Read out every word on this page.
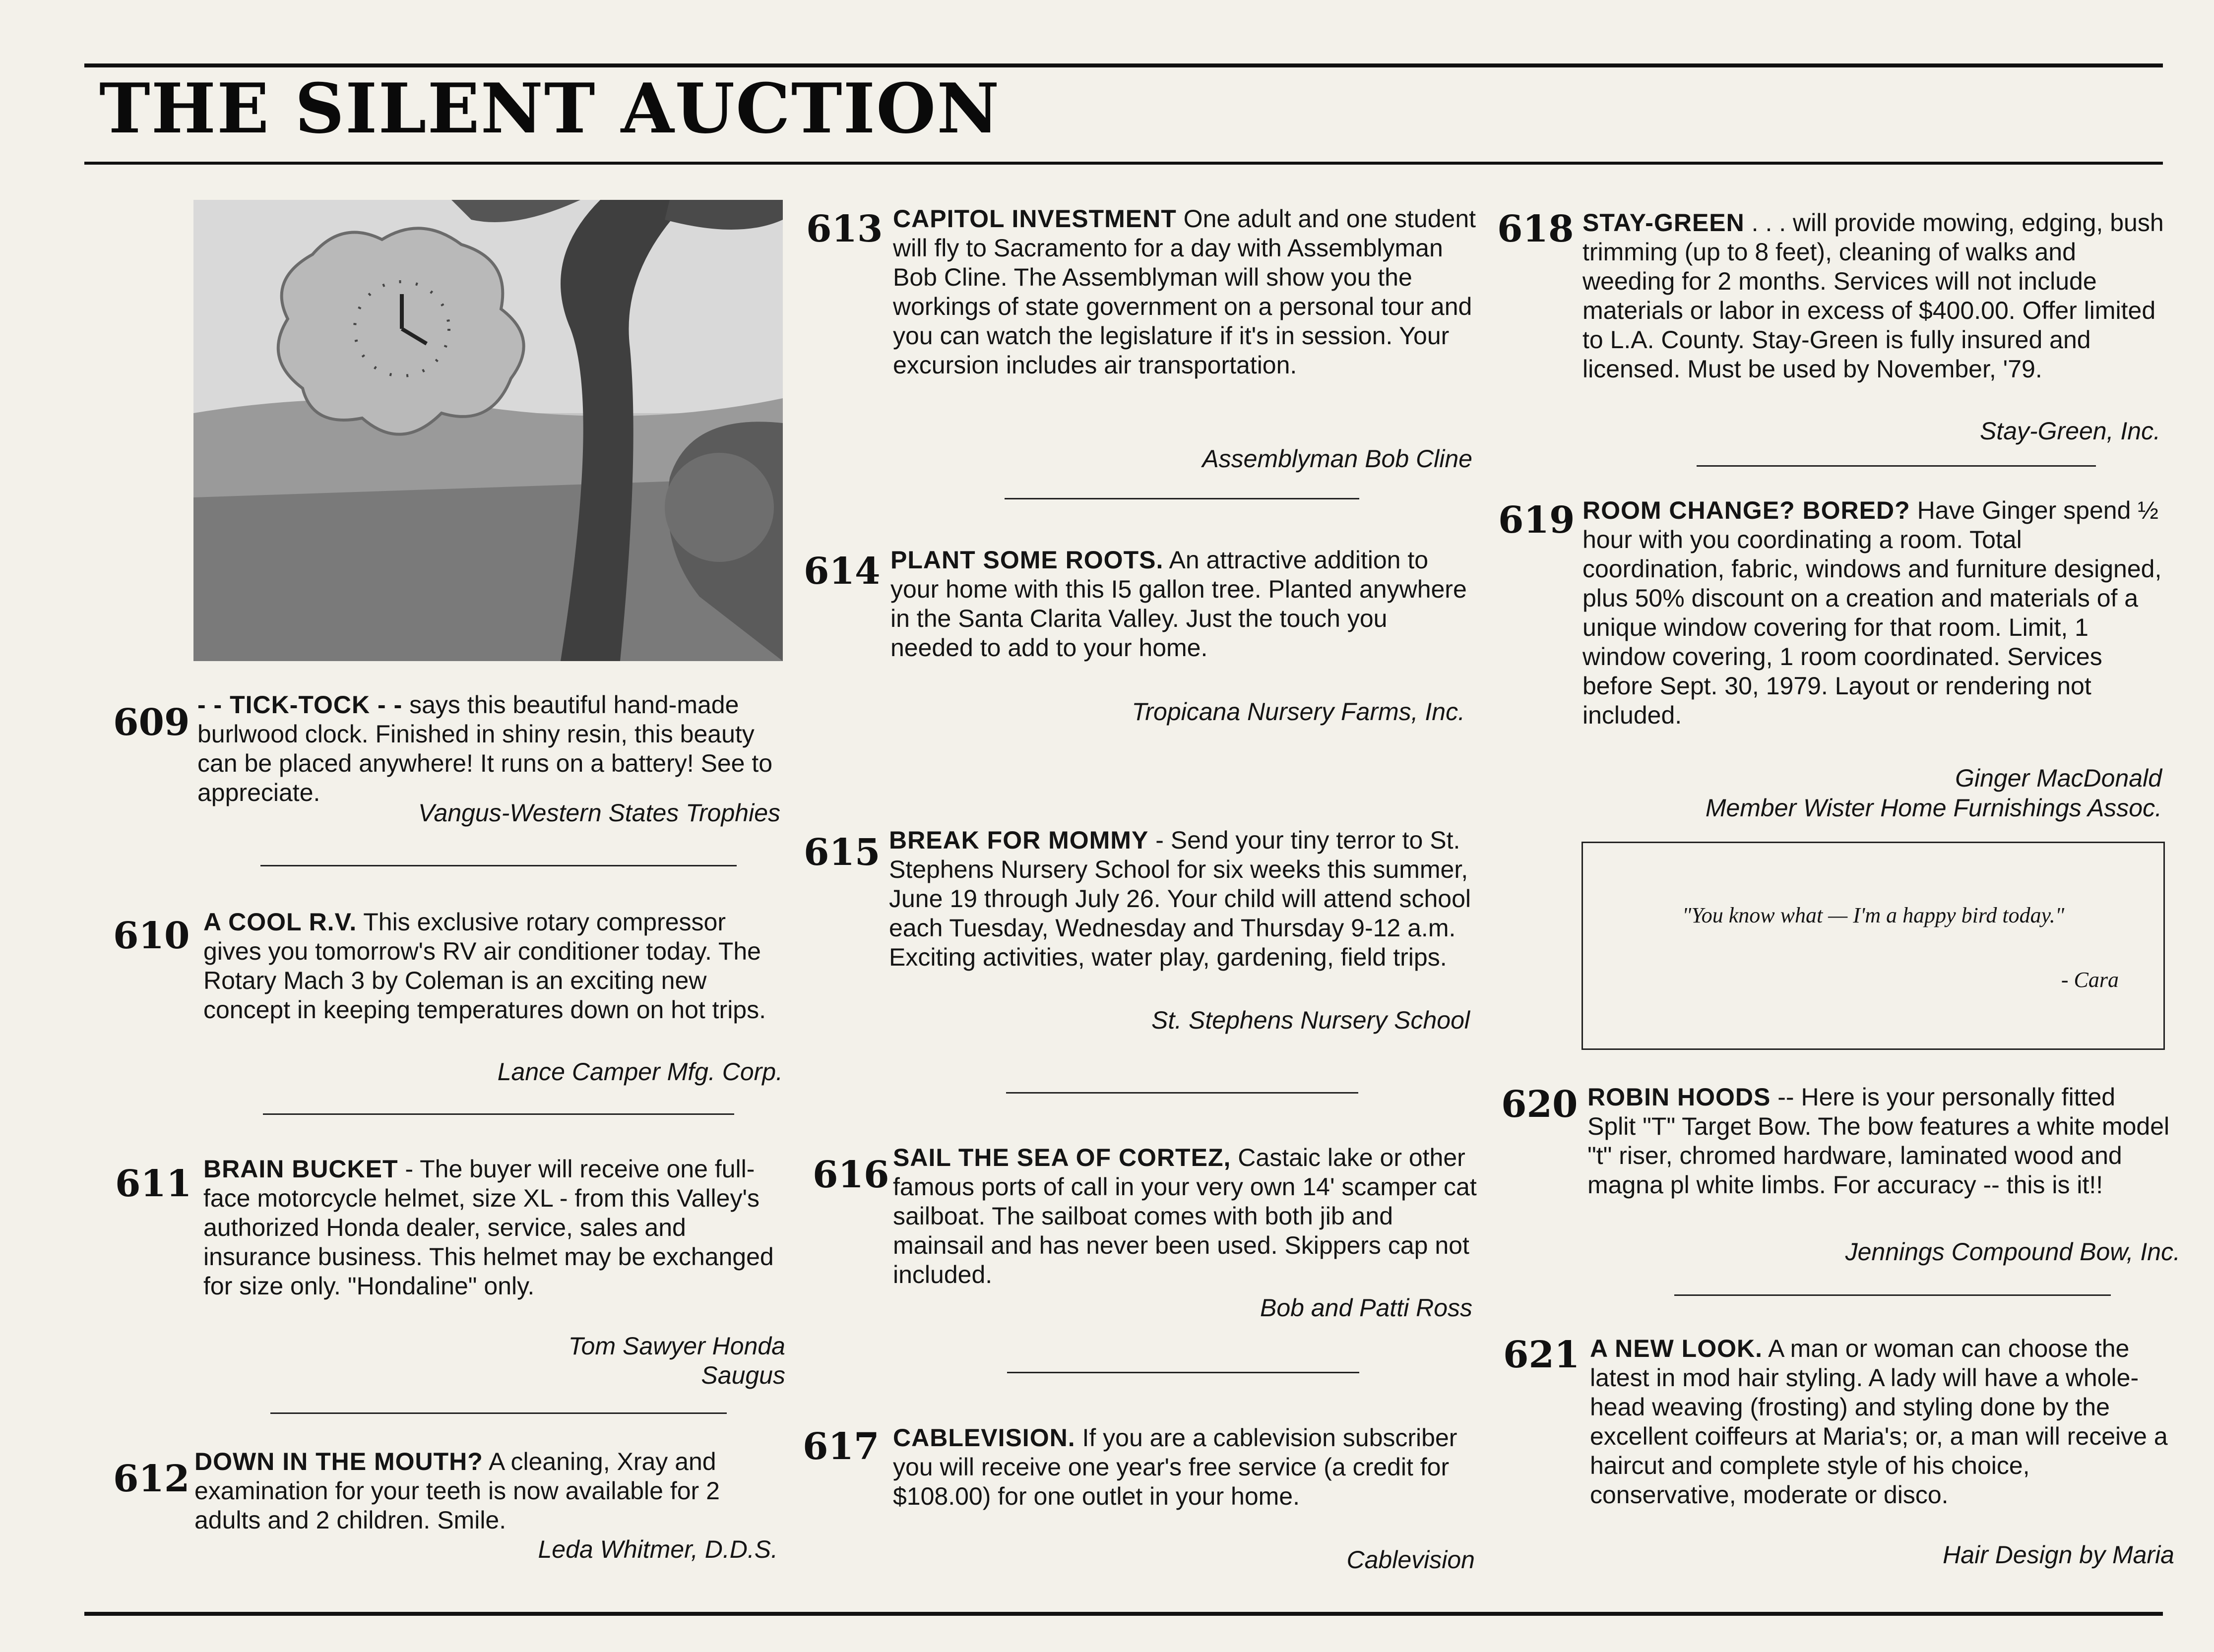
THE SILENT AUCTION
609 - - TICK-TOCK - - says this beautiful hand-made burlwood clock. Finished in shiny resin, this beauty can be placed anywhere! It runs on a battery! See to appreciate.
Vangus-Western States Trophies
610 A COOL R.V. This exclusive rotary compressor gives you tomorrow's RV air conditioner today. The Rotary Mach 3 by Coleman is an exciting new concept in keeping temperatures down on hot trips.
Lance Camper Mfg. Corp.
611 BRAIN BUCKET - The buyer will receive one full-face motorcycle helmet, size XL - from this Valley's authorized Honda dealer, service, sales and insurance business. This helmet may be exchanged for size only. "Hondaline" only.
Tom Sawyer Honda
Saugus
612 DOWN IN THE MOUTH? A cleaning, Xray and examination for your teeth is now available for 2 adults and 2 children. Smile.
Leda Whitmer, D.D.S.
613 CAPITOL INVESTMENT One adult and one student will fly to Sacramento for a day with Assemblyman Bob Cline. The Assemblyman will show you the workings of state government on a personal tour and you can watch the legislature if it's in session. Your excursion includes air transportation.
Assemblyman Bob Cline
614 PLANT SOME ROOTS. An attractive addition to your home with this I5 gallon tree. Planted anywhere in the Santa Clarita Valley. Just the touch you needed to add to your home.
Tropicana Nursery Farms, Inc.
615 BREAK FOR MOMMY - Send your tiny terror to St. Stephens Nursery School for six weeks this summer, June 19 through July 26. Your child will attend school each Tuesday, Wednesday and Thursday 9-12 a.m. Exciting activities, water play, gardening, field trips.
St. Stephens Nursery School
616 SAIL THE SEA OF CORTEZ, Castaic lake or other famous ports of call in your very own 14' scamper cat sailboat. The sailboat comes with both jib and mainsail and has never been used. Skippers cap not included.
Bob and Patti Ross
617 CABLEVISION. If you are a cablevision subscriber you will receive one year's free service (a credit for $108.00) for one outlet in your home.
Cablevision
618 STAY-GREEN . . . will provide mowing, edging, bush trimming (up to 8 feet), cleaning of walks and weeding for 2 months. Services will not include materials or labor in excess of $400.00. Offer limited to L.A. County. Stay-Green is fully insured and licensed. Must be used by November, '79.
Stay-Green, Inc.
619 ROOM CHANGE? BORED? Have Ginger spend ½ hour with you coordinating a room. Total coordination, fabric, windows and furniture designed, plus 50% discount on a creation and materials of a unique window covering for that room. Limit, 1 window covering, 1 room coordinated. Services before Sept. 30, 1979. Layout or rendering not included.
Ginger MacDonald
Member Wister Home Furnishings Assoc.
"You know what — I'm a happy bird today."
- Cara
620 ROBIN HOODS -- Here is your personally fitted Split "T" Target Bow. The bow features a white model "t" riser, chromed hardware, laminated wood and magna pl white limbs. For accuracy -- this is it!!
Jennings Compound Bow, Inc.
621 A NEW LOOK. A man or woman can choose the latest in mod hair styling. A lady will have a whole-head weaving (frosting) and styling done by the excellent coiffeurs at Maria's; or, a man will receive a haircut and complete style of his choice, conservative, moderate or disco.
Hair Design by Maria
